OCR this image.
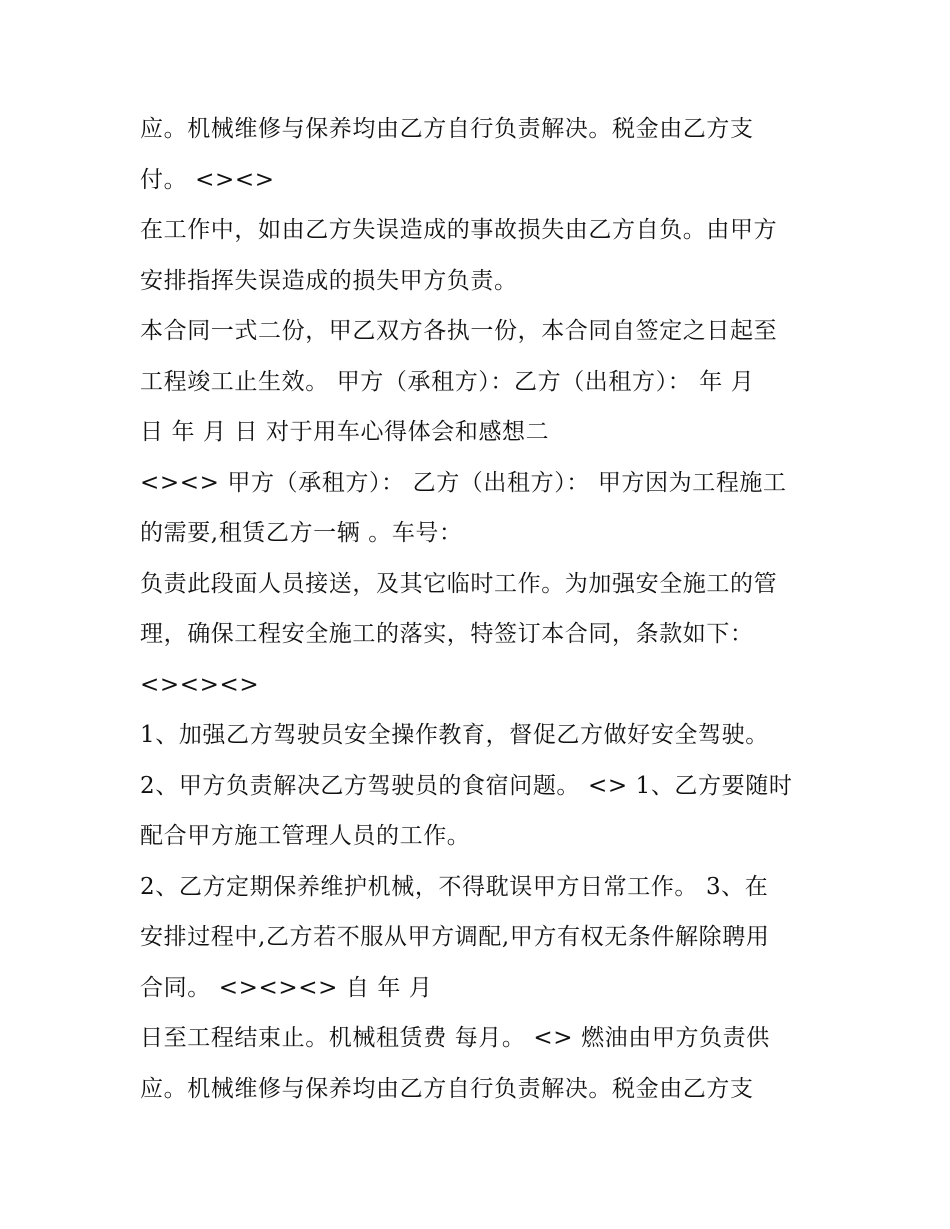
应。机械维修与保养均由乙方自行负责解决。税金由乙方支
付。 <><>
在工作中，如由乙方失误造成的事故损失由乙方自负。由甲方
安排指挥失误造成的损失甲方负责。
本合同一式二份，甲乙双方各执一份，本合同自签定之日起至
工程竣工止生效。 甲方（承租方）：乙方（出租方）： 年 月
日 年 月 日 对于用车心得体会和感想二
<><> 甲方（承租方）： 乙方（出租方）： 甲方因为工程施工
的需要,租赁乙方一辆 。车号：
负责此段面人员接送，及其它临时工作。为加强安全施工的管
理，确保工程安全施工的落实，特签订本合同，条款如下：
<><><>
1、加强乙方驾驶员安全操作教育，督促乙方做好安全驾驶。
2、甲方负责解决乙方驾驶员的食宿问题。 <> 1、乙方要随时
配合甲方施工管理人员的工作。
2、乙方定期保养维护机械，不得耽误甲方日常工作。 3、在
安排过程中,乙方若不服从甲方调配,甲方有权无条件解除聘用
合同。 <><><> 自 年 月
日至工程结束止。机械租赁费 每月。 <> 燃油由甲方负责供
应。机械维修与保养均由乙方自行负责解决。税金由乙方支
